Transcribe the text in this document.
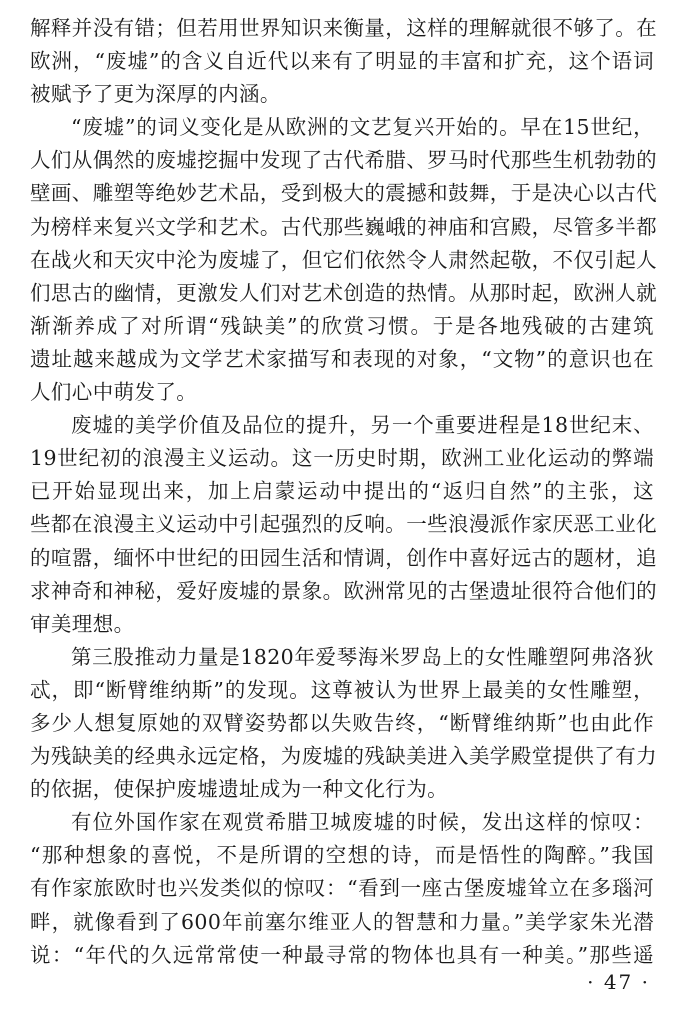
解释并没有错；但若用世界知识来衡量，这样的理解就很不够了。在
欧洲，“废墟”的含义自近代以来有了明显的丰富和扩充，这个语词
被赋予了更为深厚的内涵。
“废墟”的词义变化是从欧洲的文艺复兴开始的。早在15世纪，
人们从偶然的废墟挖掘中发现了古代希腊、罗马时代那些生机勃勃的
壁画、雕塑等绝妙艺术品，受到极大的震撼和鼓舞，于是决心以古代
为榜样来复兴文学和艺术。古代那些巍峨的神庙和宫殿，尽管多半都
在战火和天灾中沦为废墟了，但它们依然令人肃然起敬，不仅引起人
们思古的幽情，更激发人们对艺术创造的热情。从那时起，欧洲人就
渐渐养成了对所谓“残缺美”的欣赏习惯。于是各地残破的古建筑
遗址越来越成为文学艺术家描写和表现的对象，“文物”的意识也在
人们心中萌发了。
废墟的美学价值及品位的提升，另一个重要进程是18世纪末、
19世纪初的浪漫主义运动。这一历史时期，欧洲工业化运动的弊端
已开始显现出来，加上启蒙运动中提出的“返归自然”的主张，这
些都在浪漫主义运动中引起强烈的反响。一些浪漫派作家厌恶工业化
的喧嚣，缅怀中世纪的田园生活和情调，创作中喜好远古的题材，追
求神奇和神秘，爱好废墟的景象。欧洲常见的古堡遗址很符合他们的
审美理想。
第三股推动力量是1820年爱琴海米罗岛上的女性雕塑阿弗洛狄
忒，即“断臂维纳斯”的发现。这尊被认为世界上最美的女性雕塑，
多少人想复原她的双臂姿势都以失败告终，“断臂维纳斯”也由此作
为残缺美的经典永远定格，为废墟的残缺美进入美学殿堂提供了有力
的依据，使保护废墟遗址成为一种文化行为。
有位外国作家在观赏希腊卫城废墟的时候，发出这样的惊叹：
“那种想象的喜悦，不是所谓的空想的诗，而是悟性的陶醉。”我国
有作家旅欧时也兴发类似的惊叹：“看到一座古堡废墟耸立在多瑙河
畔，就像看到了600年前塞尔维亚人的智慧和力量。”美学家朱光潜
说：“年代的久远常常使一种最寻常的物体也具有一种美。”那些遥
· 47 ·
